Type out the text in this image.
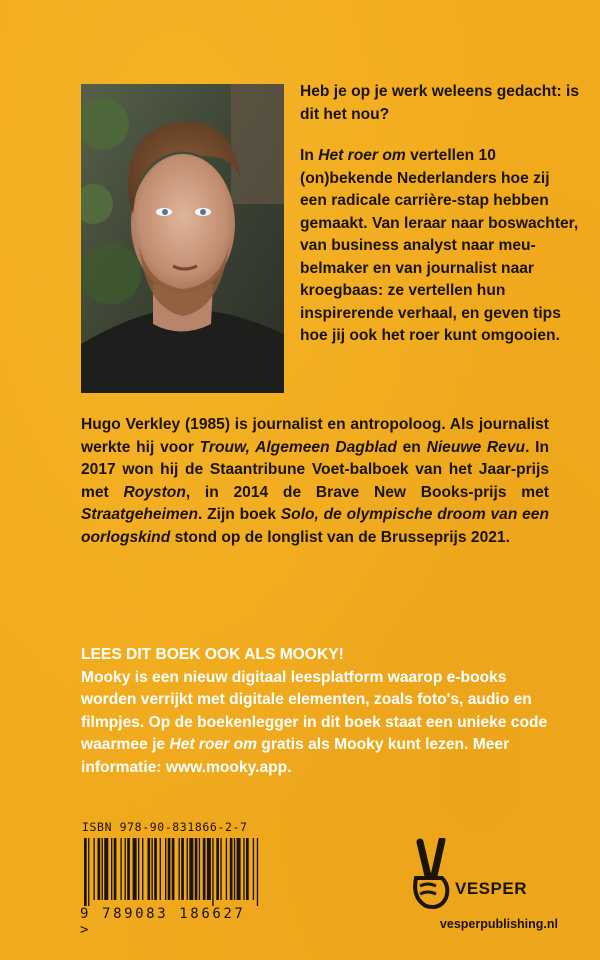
Heb je op je werk weleens gedacht: is dit het nou?

In Het roer om vertellen 10 (on)bekende Nederlanders hoe zij een radicale carrière-stap hebben gemaakt. Van leraar naar boswachter, van business analyst naar meu-belmaker en van journalist naar kroegbaas: ze vertellen hun inspirerende verhaal, en geven tips hoe jij ook het roer kunt omgooien.

Hugo Verkley (1985) is journalist en antropoloog. Als journalist werkte hij voor Trouw, Algemeen Dagblad en Nieuwe Revu. In 2017 won hij de Staantribune Voet-balboek van het Jaar-prijs met Royston, in 2014 de Brave New Books-prijs met Straatgeheimen. Zijn boek Solo, de olympische droom van een oorlogskind stond op de longlist van de Brusseprijs 2021.

LEES DIT BOEK OOK ALS MOOKY!

Mooky is een nieuw digitaal leesplatform waarop e-books worden verrijkt met digitale elementen, zoals foto's, audio en filmpjes. Op de boekenlegger in dit boek staat een unieke code waarmee je Het roer om gratis als Mooky kunt lezen. Meer informatie: www.mooky.app.

ISBN 978-90-831866-2-7
9 789083 186627 >
VESPER
vesperpublishing.nl
